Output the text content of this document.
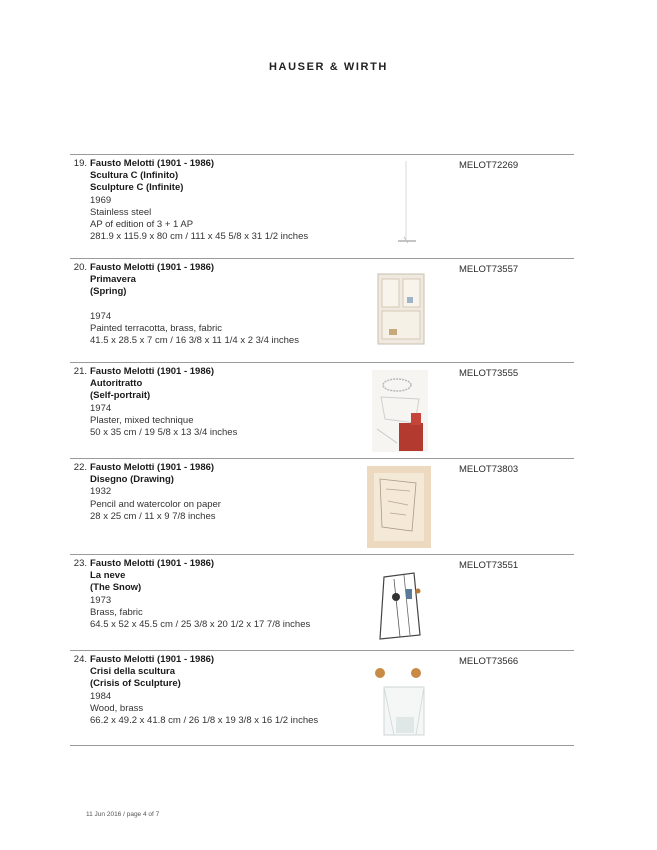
HAUSER & WIRTH
19. Fausto Melotti (1901 - 1986)
Scultura C (Infinito)
Sculpture C (Infinite)
1969
Stainless steel
AP of edition of 3 + 1 AP
281.9 x 115.9 x 80 cm / 111 x 45 5/8 x 31 1/2 inches
MELOT72269
20. Fausto Melotti (1901 - 1986)
Primavera
(Spring)
1974
Painted terracotta, brass, fabric
41.5 x 28.5 x 7 cm / 16 3/8 x 11 1/4 x 2 3/4 inches
MELOT73557
21. Fausto Melotti (1901 - 1986)
Autoritratto
(Self-portrait)
1974
Plaster, mixed technique
50 x 35 cm / 19 5/8 x 13 3/4 inches
MELOT73555
22. Fausto Melotti (1901 - 1986)
Disegno (Drawing)
1932
Pencil and watercolor on paper
28 x 25 cm / 11 x 9 7/8 inches
MELOT73803
23. Fausto Melotti (1901 - 1986)
La neve
(The Snow)
1973
Brass, fabric
64.5 x 52 x 45.5 cm / 25 3/8 x 20 1/2 x 17 7/8 inches
MELOT73551
24. Fausto Melotti (1901 - 1986)
Crisi della scultura
(Crisis of Sculpture)
1984
Wood, brass
66.2 x 49.2 x 41.8 cm / 26 1/8 x 19 3/8 x 16 1/2 inches
MELOT73566
11 Jun 2016 / page 4 of 7
